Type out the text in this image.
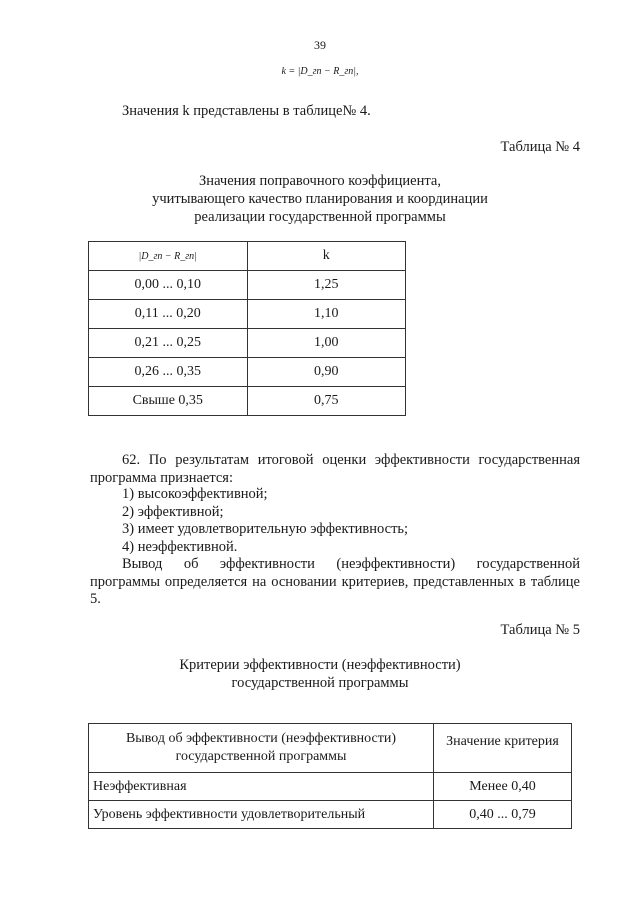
39
k = |D_гп − R_гп|,
Значения k представлены в таблице№ 4.
Таблица № 4
Значения поправочного коэффициента,
учитывающего качество планирования и координации
реализации государственной программы
|D_гп − R_гп|	k
0,00 ... 0,10	1,25
0,11 ... 0,20	1,10
0,21 ... 0,25	1,00
0,26 ... 0,35	0,90
Свыше 0,35	0,75
62. По результатам итоговой оценки эффективности государственная программа признается:
1) высокоэффективной;
2) эффективной;
3) имеет удовлетворительную эффективность;
4) неэффективной.
Вывод об эффективности (неэффективности) государственной программы определяется на основании критериев, представленных в таблице 5.
Таблица № 5
Критерии эффективности (неэффективности)
государственной программы
Вывод об эффективности (неэффективности) государственной программы	Значение критерия
Неэффективная	Менее 0,40
Уровень эффективности удовлетворительный	0,40 ... 0,79
